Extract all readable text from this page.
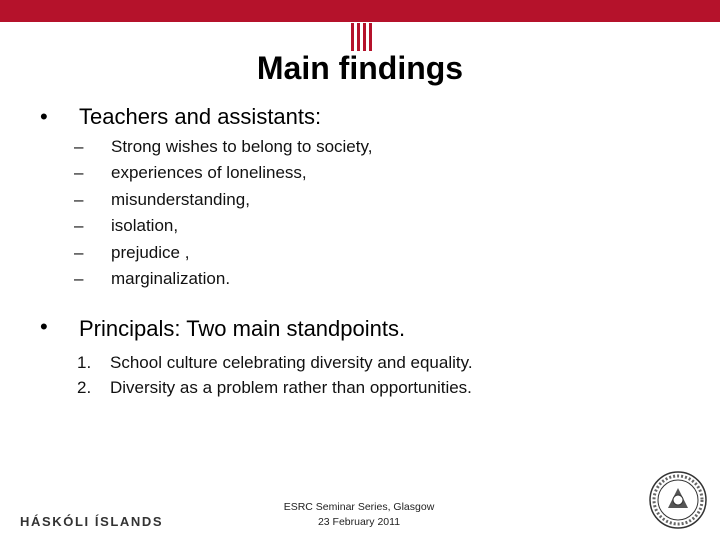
Main findings
• Teachers and assistants:
– Strong wishes to belong to society,
– experiences of loneliness,
– misunderstanding,
– isolation,
– prejudice ,
– marginalization.
• Principals: Two main standpoints.
1. School culture celebrating diversity and equality.
2. Diversity as a problem rather than opportunities.
HÁSKÓLI ÍSLANDS
ESRC Seminar Series, Glasgow
23 February 2011
